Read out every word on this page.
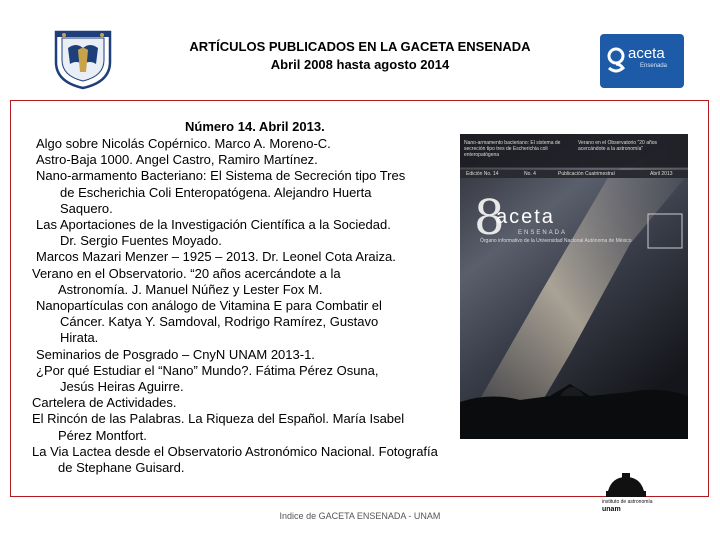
ARTÍCULOS PUBLICADOS EN LA GACETA ENSENADA
Abril 2008 hasta agosto 2014
aceta
Ensenada
Número 14. Abril 2013.
Algo sobre Nicolás Copérnico. Marco A. Moreno-C.
Astro-Baja 1000. Angel Castro, Ramiro Martínez.
Nano-armamento Bacteriano: El Sistema de Secreción tipo Tres
de Escherichia Coli Enteropatógena. Alejandro Huerta
Saquero.
Las Aportaciones de la Investigación Científica a la Sociedad.
Dr. Sergio Fuentes Moyado.
Marcos Mazari Menzer – 1925 – 2013. Dr. Leonel Cota Araiza.
Verano en el Observatorio. “20 años acercándote a la
Astronomía. J. Manuel Núñez y Lester Fox M.
Nanopartículas con análogo de Vitamina E para Combatir el
Cáncer. Katya Y. Samdoval, Rodrigo Ramírez, Gustavo
Hirata.
Seminarios de Posgrado – CnyN UNAM 2013-1.
¿Por qué Estudiar el “Nano” Mundo?. Fátima Pérez Osuna,
Jesús Heiras Aguirre.
Cartelera de Actividades.
El Rincón de las Palabras. La Riqueza del Español. María Isabel
Pérez Montfort.
La Via Lactea desde el Observatorio Astronómico Nacional. Fotografía
de Stephane Guisard.
Nano-armamento bacteriano: El sistema de secreción tipo tres de Escherichia coli enteropatógena
Verano en el Observatorio "20 años acercándote a la astronomía"
Edición No. 14	No. 4	Publicación Cuatrimestral	Abril 2013
8
aceta
ENSENADA
Órgano informativo de la Universidad Nacional Autónoma de México
instituto de astronomía
unam
Indice de GACETA ENSENADA - UNAM
